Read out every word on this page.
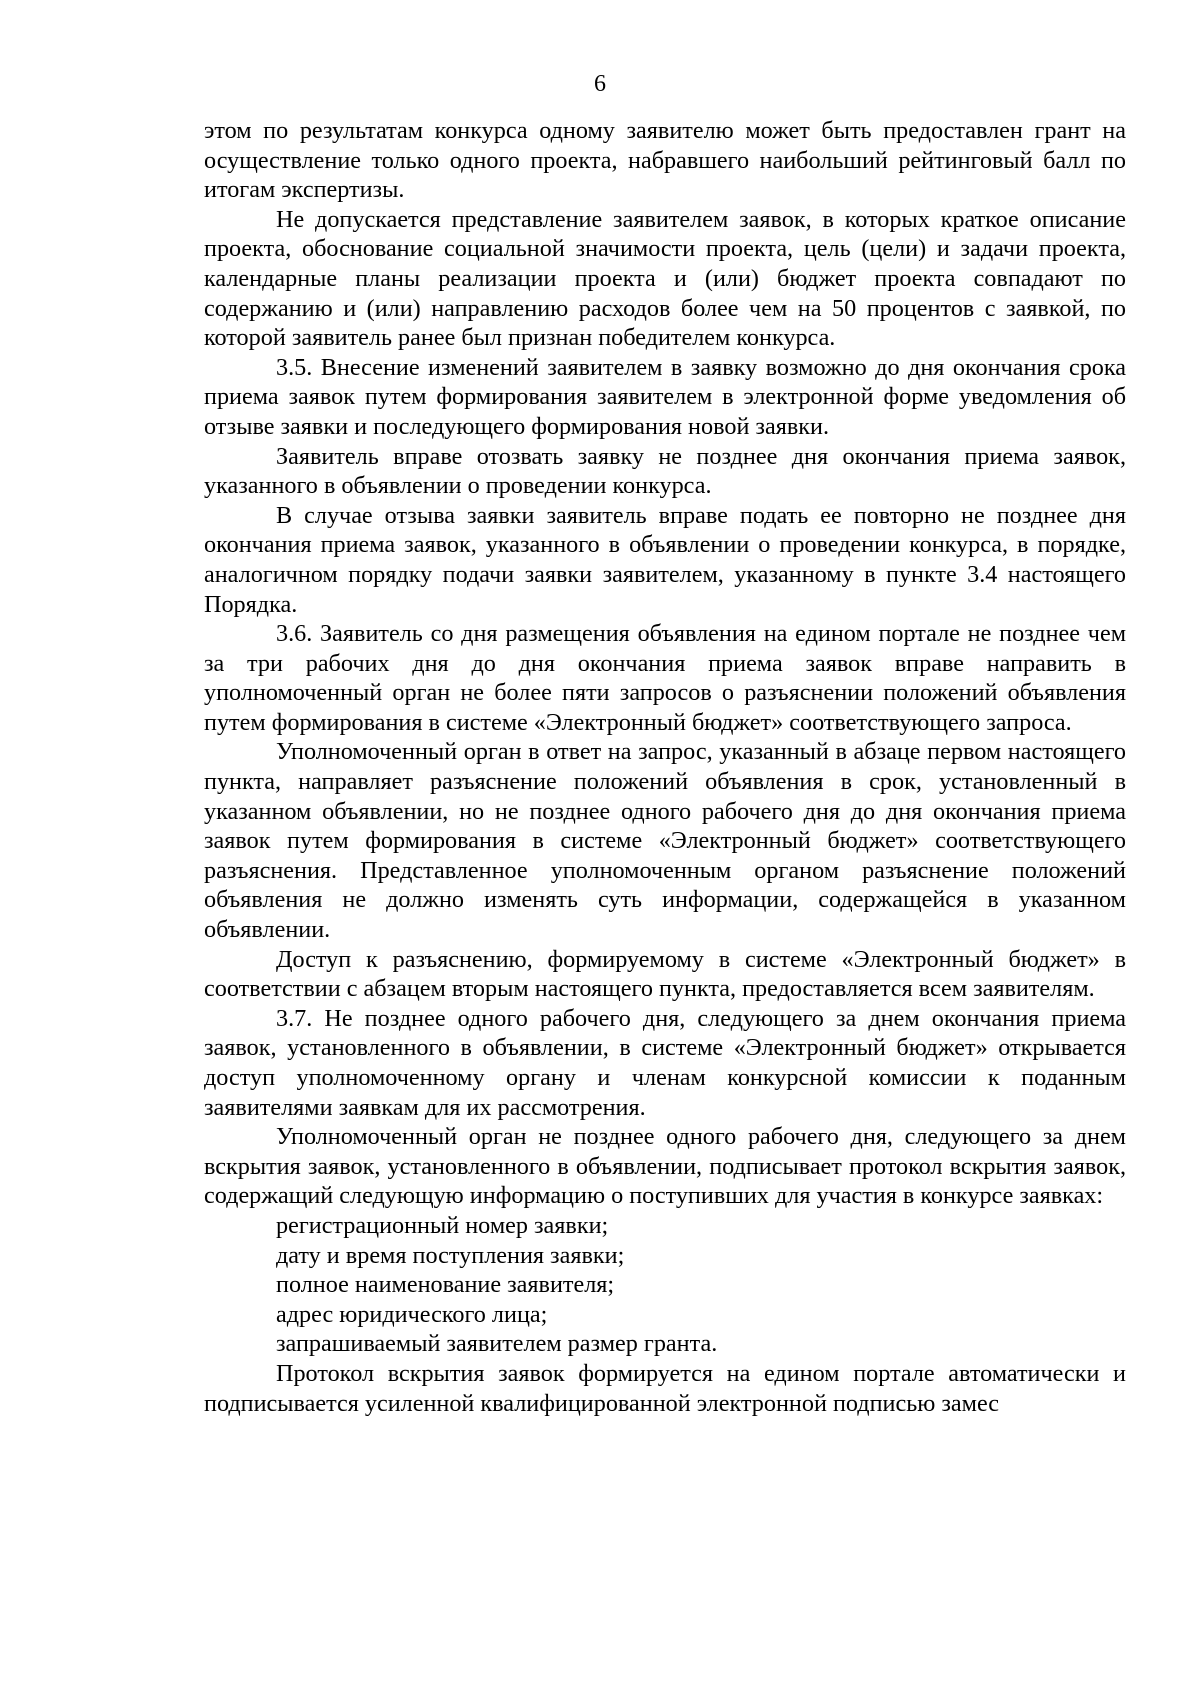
6

этом по результатам конкурса одному заявителю может быть предоставлен грант на осуществление только одного проекта, набравшего наибольший рейтинговый балл по итогам экспертизы.

Не допускается представление заявителем заявок, в которых краткое описание проекта, обоснование социальной значимости проекта, цель (цели) и задачи проекта, календарные планы реализации проекта и (или) бюджет проекта совпадают по содержанию и (или) направлению расходов более чем на 50 процентов с заявкой, по которой заявитель ранее был признан победителем конкурса.

3.5. Внесение изменений заявителем в заявку возможно до дня окончания срока приема заявок путем формирования заявителем в электронной форме уведомления об отзыве заявки и последующего формирования новой заявки.

Заявитель вправе отозвать заявку не позднее дня окончания приема заявок, указанного в объявлении о проведении конкурса.

В случае отзыва заявки заявитель вправе подать ее повторно не позднее дня окончания приема заявок, указанного в объявлении о проведении конкурса, в порядке, аналогичном порядку подачи заявки заявителем, указанному в пункте 3.4 настоящего Порядка.

3.6. Заявитель со дня размещения объявления на едином портале не позднее чем за три рабочих дня до дня окончания приема заявок вправе направить в уполномоченный орган не более пяти запросов о разъяснении положений объявления путем формирования в системе «Электронный бюджет» соответствующего запроса.

Уполномоченный орган в ответ на запрос, указанный в абзаце первом настоящего пункта, направляет разъяснение положений объявления в срок, установленный в указанном объявлении, но не позднее одного рабочего дня до дня окончания приема заявок путем формирования в системе «Электронный бюджет» соответствующего разъяснения. Представленное уполномоченным органом разъяснение положений объявления не должно изменять суть информации, содержащейся в указанном объявлении.

Доступ к разъяснению, формируемому в системе «Электронный бюджет» в соответствии с абзацем вторым настоящего пункта, предоставляется всем заявителям.

3.7. Не позднее одного рабочего дня, следующего за днем окончания приема заявок, установленного в объявлении, в системе «Электронный бюджет» открывается доступ уполномоченному органу и членам конкурсной комиссии к поданным заявителями заявкам для их рассмотрения.

Уполномоченный орган не позднее одного рабочего дня, следующего за днем вскрытия заявок, установленного в объявлении, подписывает протокол вскрытия заявок, содержащий следующую информацию о поступивших для участия в конкурсе заявках:

регистрационный номер заявки;

дату и время поступления заявки;

полное наименование заявителя;

адрес юридического лица;

запрашиваемый заявителем размер гранта.

Протокол вскрытия заявок формируется на едином портале автоматически и подписывается усиленной квалифицированной электронной подписью замес
